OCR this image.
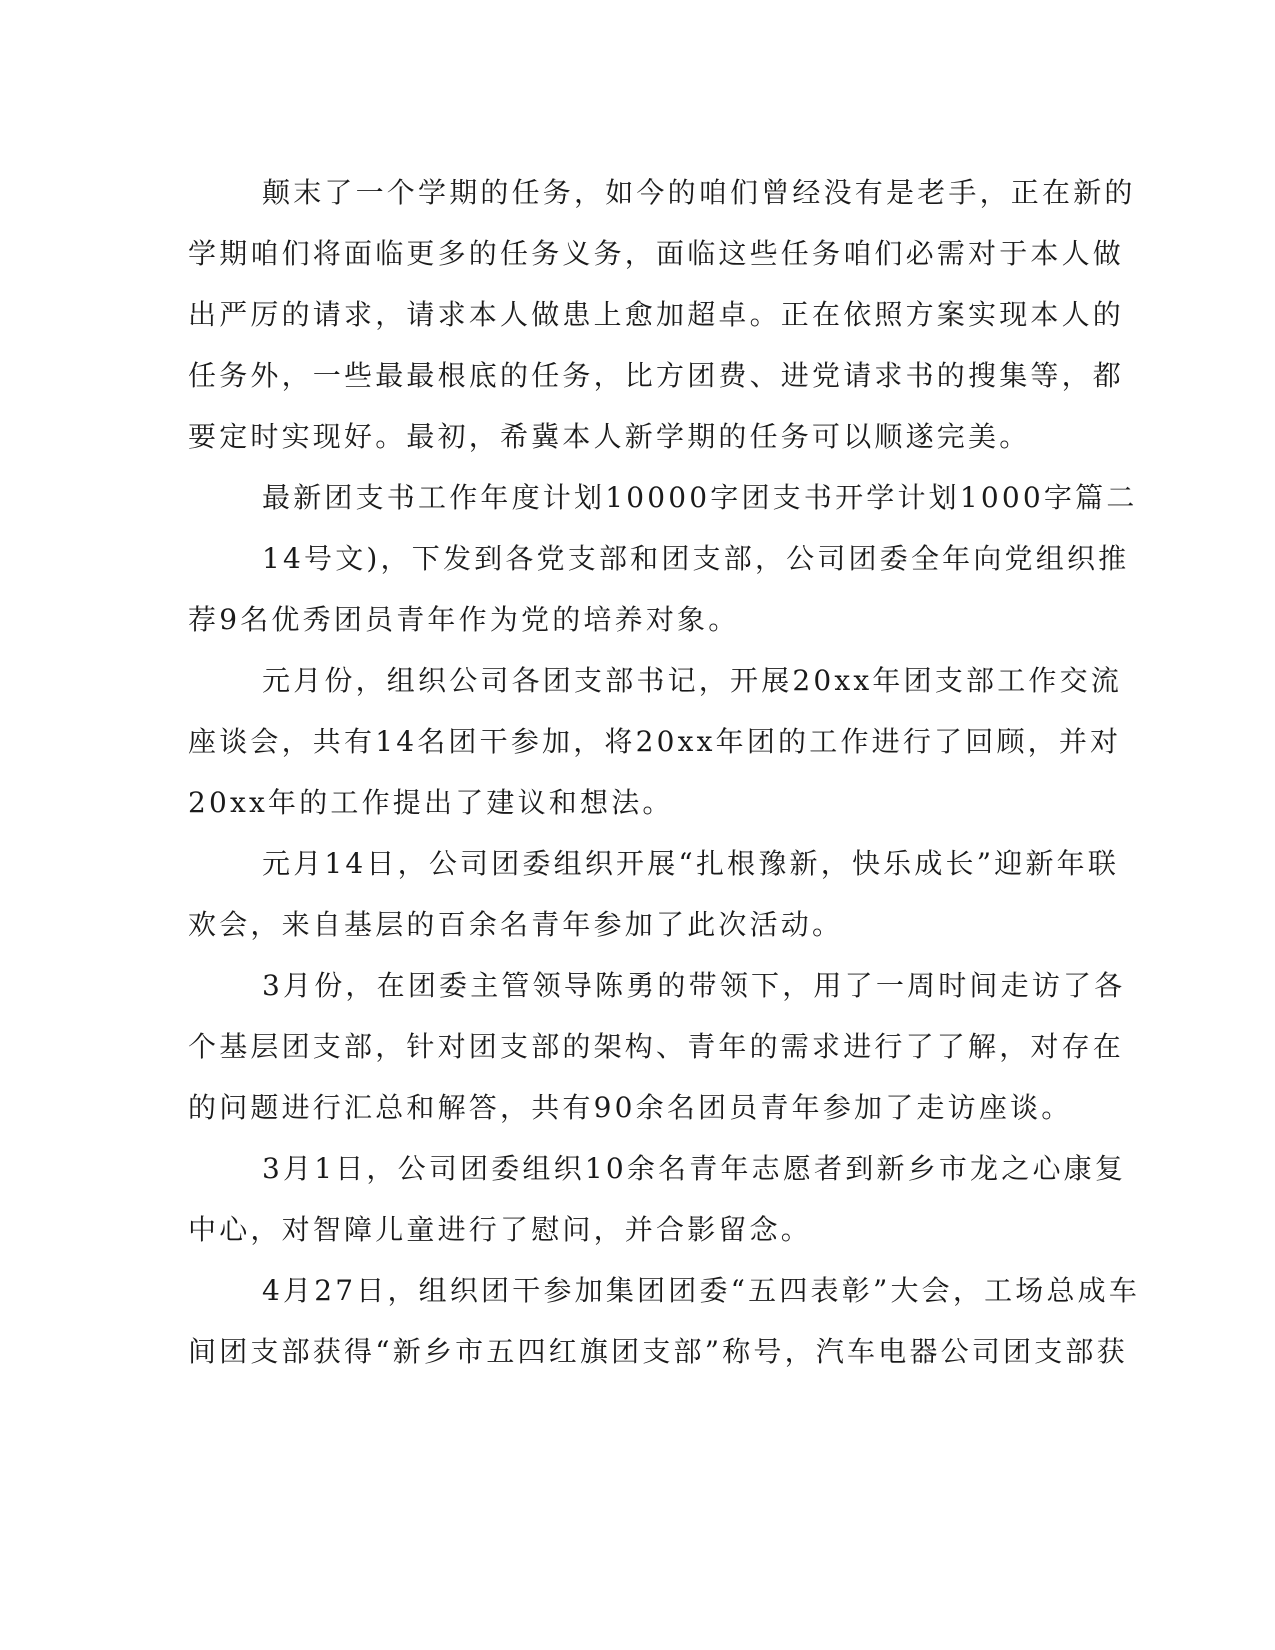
颠末了一个学期的任务，如今的咱们曾经没有是老手，正在新的
学期咱们将面临更多的任务义务，面临这些任务咱们必需对于本人做
出严厉的请求，请求本人做患上愈加超卓。正在依照方案实现本人的
任务外，一些最最根底的任务，比方团费、进党请求书的搜集等，都
要定时实现好。最初，希冀本人新学期的任务可以顺遂完美。
最新团支书工作年度计划10000字团支书开学计划1000字篇二
14号文)，下发到各党支部和团支部，公司团委全年向党组织推
荐9名优秀团员青年作为党的培养对象。
元月份，组织公司各团支部书记，开展20xx年团支部工作交流
座谈会，共有14名团干参加，将20xx年团的工作进行了回顾，并对
20xx年的工作提出了建议和想法。
元月14日，公司团委组织开展“扎根豫新，快乐成长”迎新年联
欢会，来自基层的百余名青年参加了此次活动。
3月份，在团委主管领导陈勇的带领下，用了一周时间走访了各
个基层团支部，针对团支部的架构、青年的需求进行了了解，对存在
的问题进行汇总和解答，共有90余名团员青年参加了走访座谈。
3月1日，公司团委组织10余名青年志愿者到新乡市龙之心康复
中心，对智障儿童进行了慰问，并合影留念。
4月27日，组织团干参加集团团委“五四表彰”大会，工场总成车
间团支部获得“新乡市五四红旗团支部”称号，汽车电器公司团支部获
